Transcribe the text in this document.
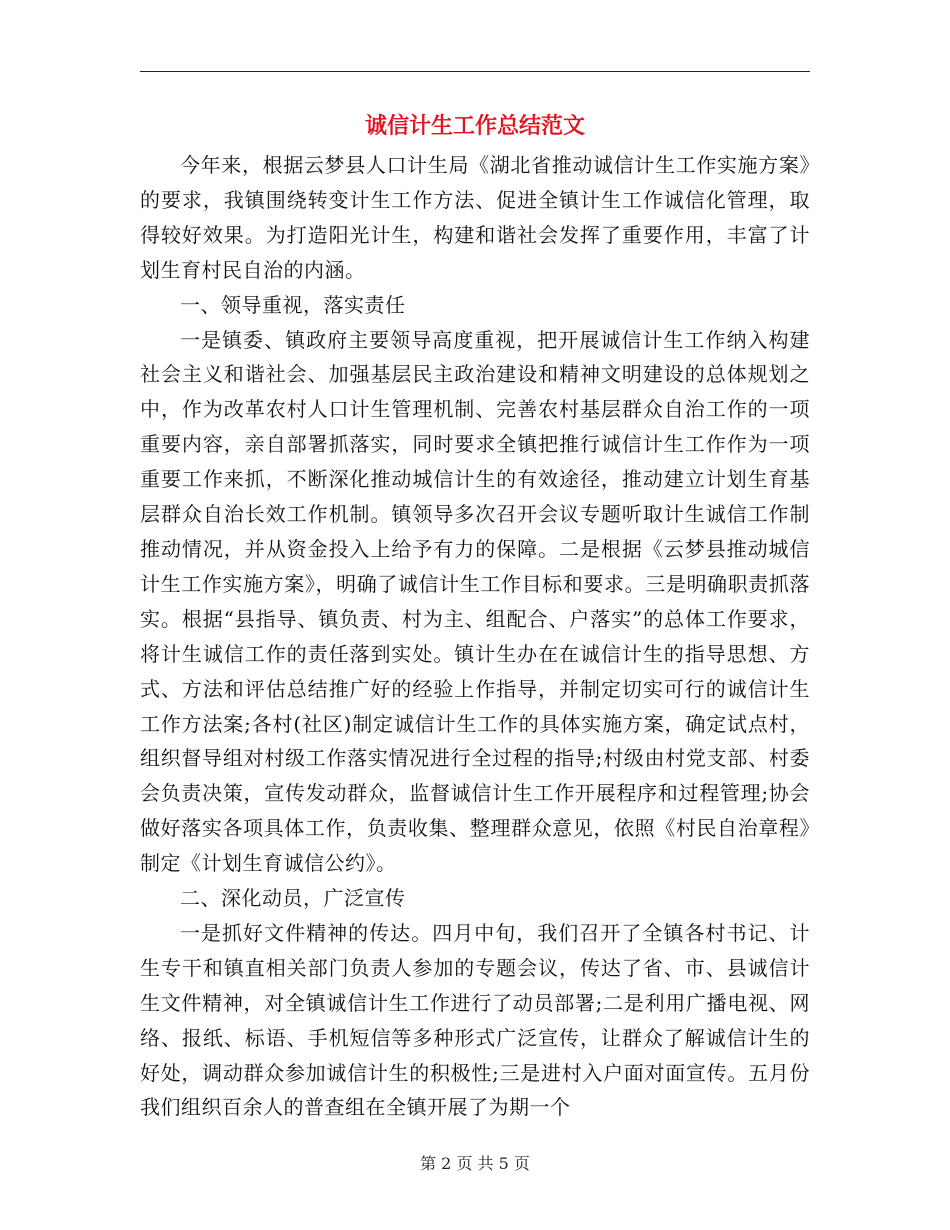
诚信计生工作总结范文

今年来，根据云梦县人口计生局《湖北省推动诚信计生工作实施方案》的要求，我镇围绕转变计生工作方法、促进全镇计生工作诚信化管理，取得较好效果。为打造阳光计生，构建和谐社会发挥了重要作用，丰富了计划生育村民自治的内涵。

一、领导重视，落实责任

一是镇委、镇政府主要领导高度重视，把开展诚信计生工作纳入构建社会主义和谐社会、加强基层民主政治建设和精神文明建设的总体规划之中，作为改革农村人口计生管理机制、完善农村基层群众自治工作的一项重要内容，亲自部署抓落实，同时要求全镇把推行诚信计生工作作为一项重要工作来抓，不断深化推动城信计生的有效途径，推动建立计划生育基层群众自治长效工作机制。镇领导多次召开会议专题听取计生诚信工作制推动情况，并从资金投入上给予有力的保障。二是根据《云梦县推动城信计生工作实施方案》，明确了诚信计生工作目标和要求。三是明确职责抓落实。根据“县指导、镇负责、村为主、组配合、户落实”的总体工作要求，将计生诚信工作的责任落到实处。镇计生办在在诚信计生的指导思想、方式、方法和评估总结推广好的经验上作指导，并制定切实可行的诚信计生工作方法案;各村(社区)制定诚信计生工作的具体实施方案，确定试点村，组织督导组对村级工作落实情况进行全过程的指导;村级由村党支部、村委会负责决策，宣传发动群众，监督诚信计生工作开展程序和过程管理;协会做好落实各项具体工作，负责收集、整理群众意见，依照《村民自治章程》制定《计划生育诚信公约》。

二、深化动员，广泛宣传

一是抓好文件精神的传达。四月中旬，我们召开了全镇各村书记、计生专干和镇直相关部门负责人参加的专题会议，传达了省、市、县诚信计生文件精神，对全镇诚信计生工作进行了动员部署;二是利用广播电视、网络、报纸、标语、手机短信等多种形式广泛宣传，让群众了解诚信计生的好处，调动群众参加诚信计生的积极性;三是进村入户面对面宣传。五月份我们组织百余人的普查组在全镇开展了为期一个

第 2 页 共 5 页
